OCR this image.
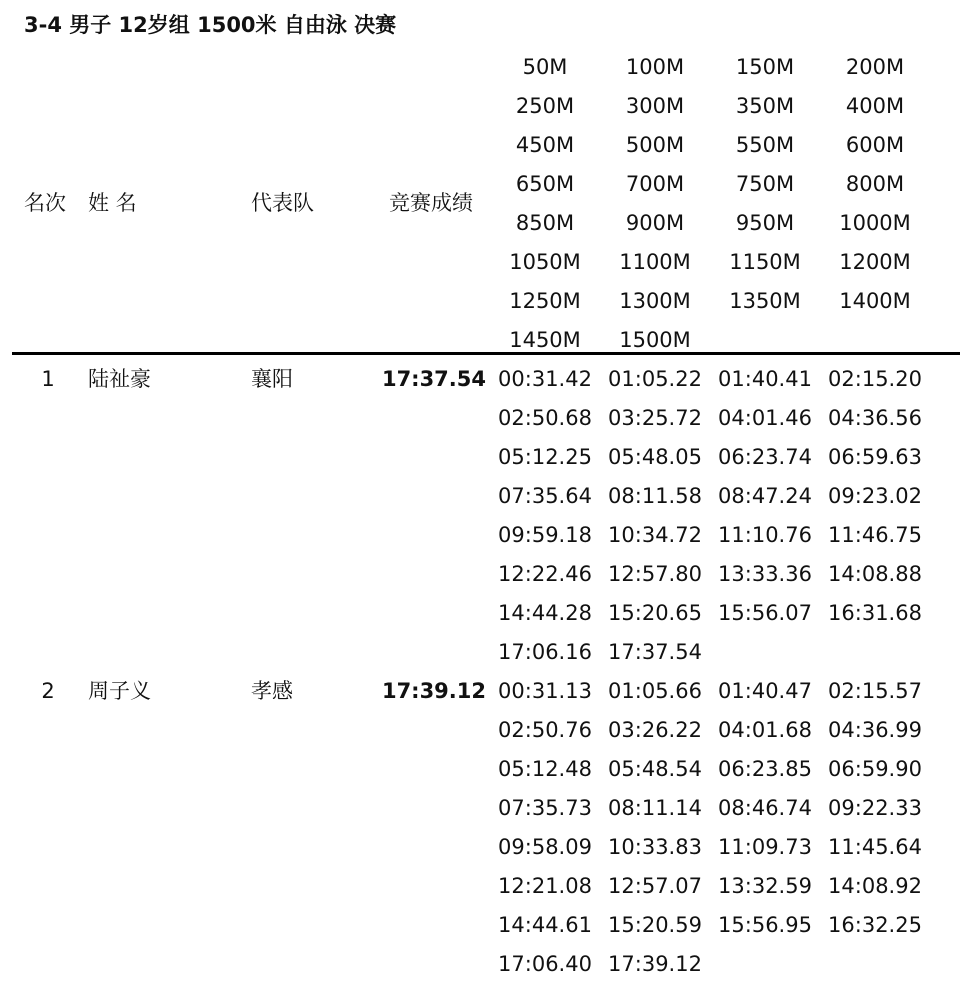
3-4 男子 12岁组 1500米 自由泳 决赛
名次 姓 名	代表队	竞赛成绩
50M	100M	150M	200M
250M	300M	350M	400M
450M	500M	550M	600M
650M	700M	750M	800M
850M	900M	950M	1000M
1050M	1100M	1150M	1200M
1250M	1300M	1350M	1400M
1450M	1500M
1 陆祉豪	襄阳	17:37.54 00:31.42 01:05.22 01:40.41 02:15.20
02:50.68 03:25.72 04:01.46 04:36.56
05:12.25 05:48.05 06:23.74 06:59.63
07:35.64 08:11.58 08:47.24 09:23.02
09:59.18 10:34.72 11:10.76 11:46.75
12:22.46 12:57.80 13:33.36 14:08.88
14:44.28 15:20.65 15:56.07 16:31.68
17:06.16 17:37.54
2 周子义	孝感	17:39.12 00:31.13 01:05.66 01:40.47 02:15.57
02:50.76 03:26.22 04:01.68 04:36.99
05:12.48 05:48.54 06:23.85 06:59.90
07:35.73 08:11.14 08:46.74 09:22.33
09:58.09 10:33.83 11:09.73 11:45.64
12:21.08 12:57.07 13:32.59 14:08.92
14:44.61 15:20.59 15:56.95 16:32.25
17:06.40 17:39.12
